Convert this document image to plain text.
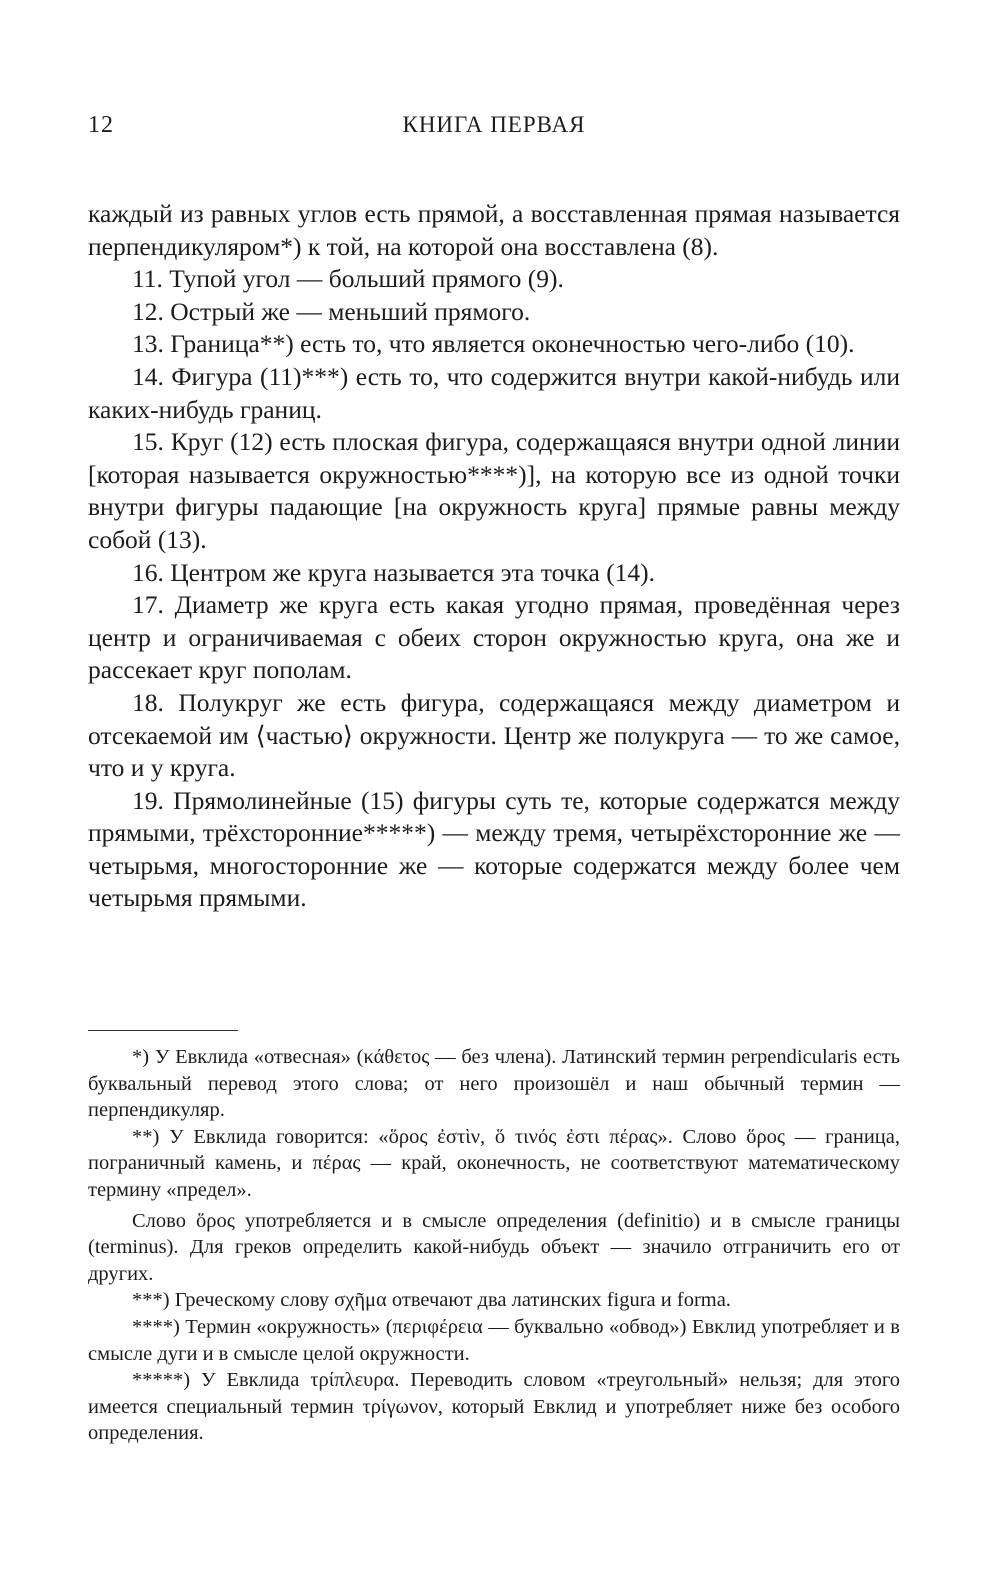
12	КНИГА ПЕРВАЯ

каждый из равных углов есть прямой, а восставленная прямая называется перпендикуляром*) к той, на которой она восставлена (8).

11. Тупой угол — больший прямого (9).

12. Острый же — меньший прямого.

13. Граница**) есть то, что является оконечностью чего-либо (10).

14. Фигура (11)***) есть то, что содержится внутри какой-нибудь или каких-нибудь границ.

15. Круг (12) есть плоская фигура, содержащаяся внутри одной линии [которая называется окружностью****)], на которую все из одной точки внутри фигуры падающие [на окружность круга] прямые равны между собой (13).

16. Центром же круга называется эта точка (14).

17. Диаметр же круга есть какая угодно прямая, проведённая через центр и ограничиваемая с обеих сторон окружностью круга, она же и рассекает круг пополам.

18. Полукруг же есть фигура, содержащаяся между диаметром и отсекаемой им ⟨частью⟩ окружности. Центр же полукруга — то же самое, что и у круга.

19. Прямолинейные (15) фигуры суть те, которые содержатся между прямыми, трёхсторонние*****) — между тремя, четырёхсторонние же — четырьмя, многосторонние же — которые содержатся между более чем четырьмя прямыми.

*) У Евклида «отвесная» (κάθετος — без члена). Латинский термин perpendicularis есть буквальный перевод этого слова; от него произошёл и наш обычный термин — перпендикуляр.

**) У Евклида говорится: «ὅρος ἐστὶν, ὅ τινός ἐστι πέρας». Слово ὅρος — граница, пограничный камень, и πέρας — край, оконечность, не соответствуют математическому термину «предел».

Слово ὅρος употребляется и в смысле определения (definitio) и в смысле границы (terminus). Для греков определить какой-нибудь объект — значило отграничить его от других.

***) Греческому слову σχῆμα отвечают два латинских figura и forma.

****) Термин «окружность» (περιφέρεια — буквально «обвод») Евклид употребляет и в смысле дуги и в смысле целой окружности.

*****) У Евклида τρίπλευρα. Переводить словом «треугольный» нельзя; для этого имеется специальный термин τρίγωνον, который Евклид и употребляет ниже без особого определения.
